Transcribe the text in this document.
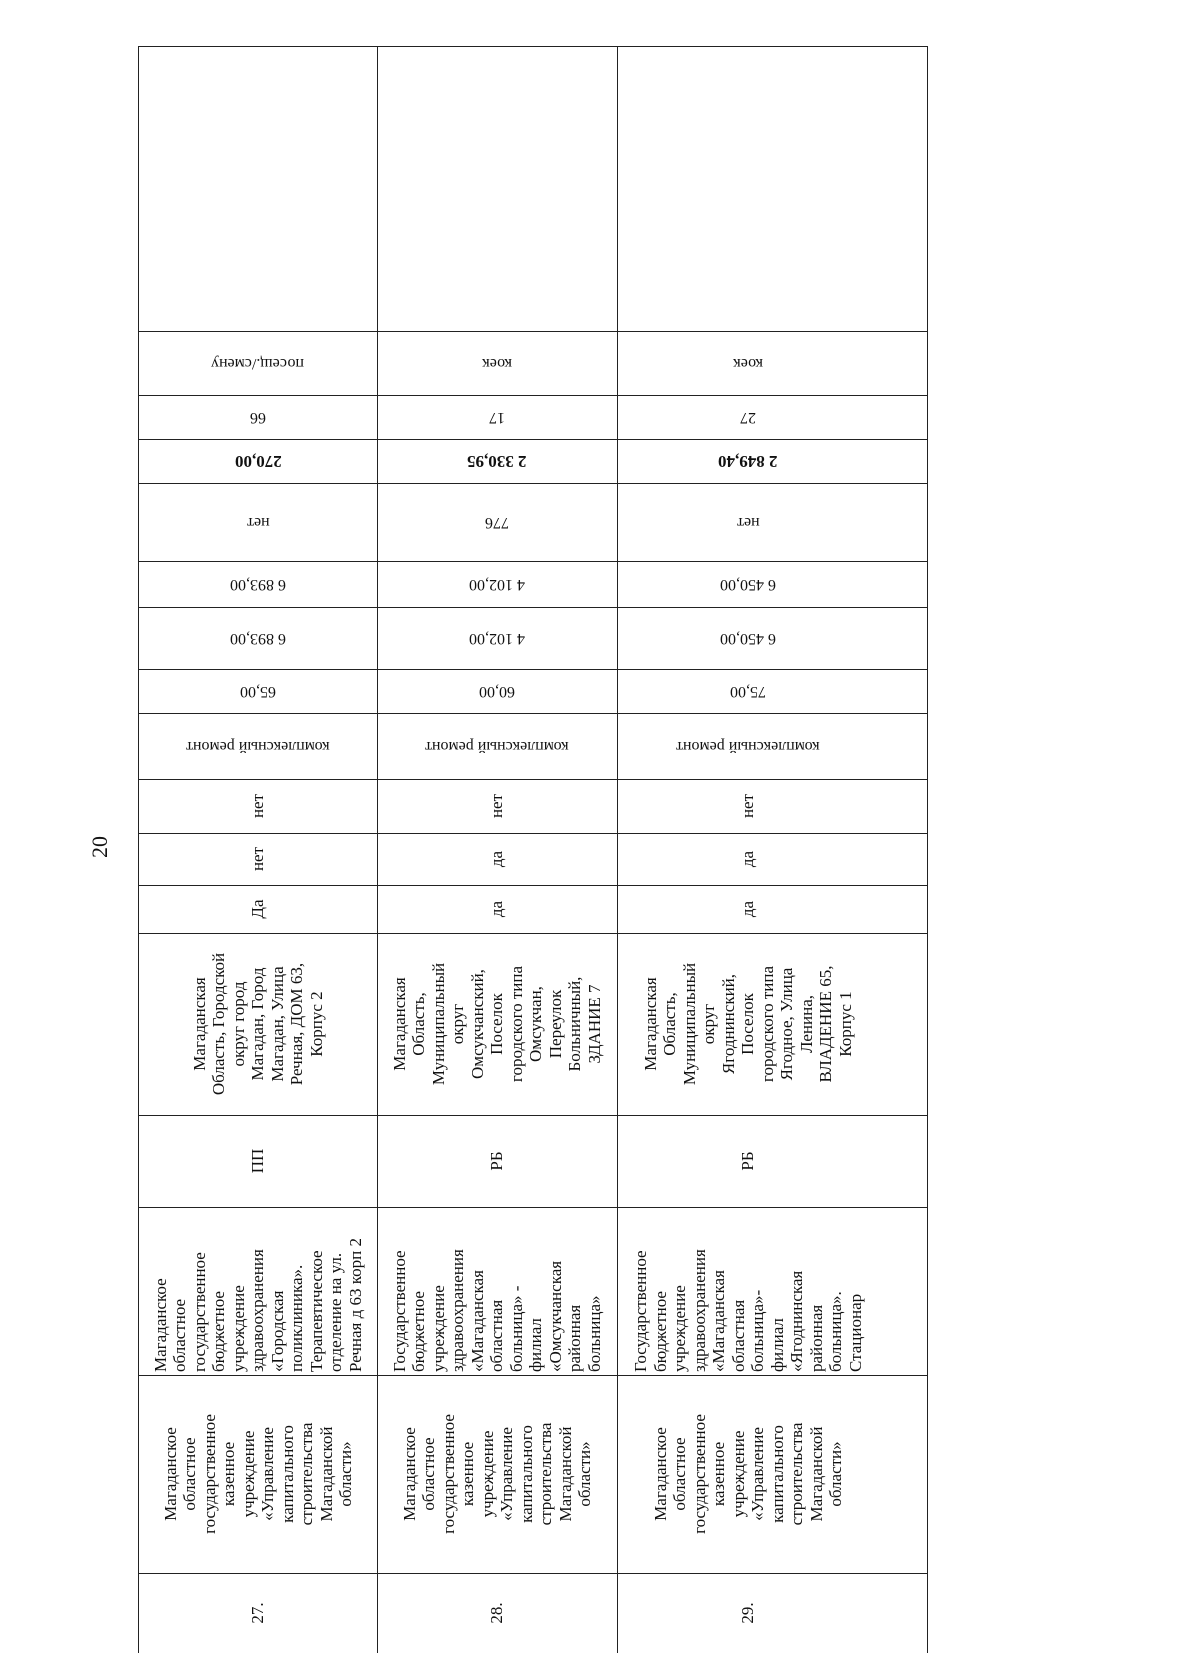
20
посещ./смену
66
270,00
нет
6 893,00
6 893,00
65,00
комплексный ремонт
нет
нет
Да
Магаданская
Область, Городской
округ город
Магадан, Город
Магадан, Улица
Речная, ДОМ 63,
Корпус 2
ПП
Магаданское
областное
государственное
бюджетное
учреждение
здравоохранения
«Городская
поликлиника».
Терапевтическое
отделение на ул.
Речная д 63 корп 2
Магаданское
областное
государственное
казенное
учреждение
«Управление
капитального
строительства
Магаданской
области»
27.
коек
17
2 330,95
776
4 102,00
4 102,00
60,00
комплексный ремонт
нет
да
да
Магаданская
Область,
Муниципальный
округ
Омсукчанский,
Поселок
городского типа
Омсукчан,
Переулок
Больничный,
ЗДАНИЕ 7
РБ
Государственное
бюджетное
учреждение
здравоохранения
«Магаданская
областная
больница» -
филиал
«Омсукчанская
районная
больница»
Магаданское
областное
государственное
казенное
учреждение
«Управление
капитального
строительства
Магаданской
области»
28.
коек
27
2 849,40
нет
6 450,00
6 450,00
75,00
комплексный ремонт
нет
да
да
Магаданская
Область,
Муниципальный
округ
Ягоднинский,
Поселок
городского типа
Ягодное, Улица
Ленина,
ВЛАДЕНИЕ 65,
Корпус 1
РБ
Государственное
бюджетное
учреждение
здравоохранения
«Магаданская
областная
больница»-
филиал
«Ягоднинская
районная
больница».
Стационар
Магаданское
областное
государственное
казенное
учреждение
«Управление
капитального
строительства
Магаданской
области»
29.
